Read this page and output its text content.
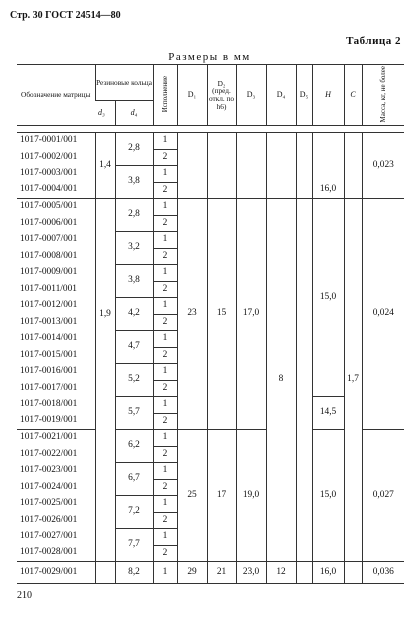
Стр. 30 ГОСТ 24514—80
Таблица 2
Размеры в мм
Обозначение матрицы	Резиновые кольца		Исполнение	D₁	D₂ (пред. откл. по h6)	D₃	D₄	D₅	H	C	Масса, кг, не более
	d₃	d₄									

1017-0001/001	1,4	2,8	1						16,0		0,023
1017-0002/001			2								
1017-0003/001		3,8	1								
1017-0004/001			2								
1017-0005/001	1,9	2,8	1	23	15	17,0	8		15,0	1,7	0,024
1017-0006/001			2								
1017-0007/001		3,2	1								
1017-0008/001			2								
1017-0009/001		3,8	1								
1017-0011/001			2								
1017-0012/001		4,2	1								
1017-0013/001			2								
1017-0014/001		4,7	1								
1017-0015/001			2								
1017-0016/001		5,2	1								
1017-0017/001			2								
1017-0018/001		5,7	1						14,5		
1017-0019/001			2								
1017-0021/001		6,2	1	25	17	19,0			15,0		0,027
1017-0022/001			2								
1017-0023/001		6,7	1								
1017-0024/001			2								
1017-0025/001		7,2	1								
1017-0026/001			2								
1017-0027/001		7,7	1								
1017-0028/001			2								
1017-0029/001		8,2	1	29	21	23,0	12		16,0		0,036
210
